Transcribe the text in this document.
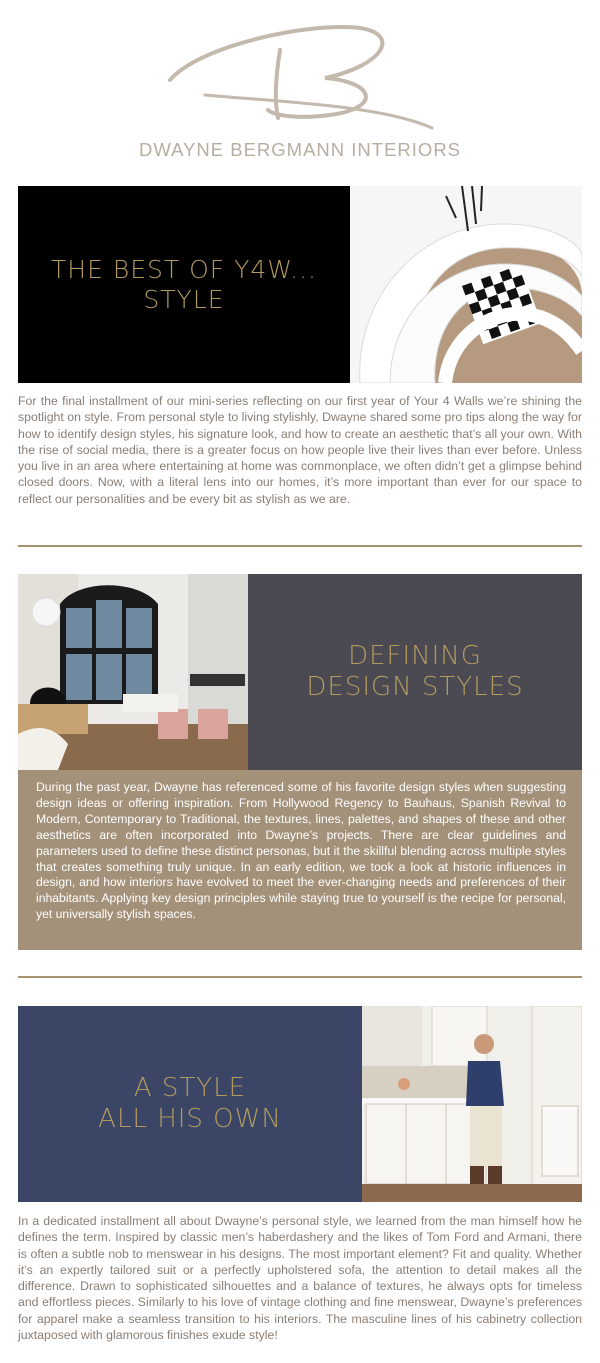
DWAYNE BERGMANN INTERIORS
THE BEST OF Y4W...
STYLE
For the final installment of our mini-series reflecting on our first year of Your 4 Walls we’re shining the spotlight on style. From personal style to living stylishly, Dwayne shared some pro tips along the way for how to identify design styles, his signature look, and how to create an aesthetic that’s all your own. With the rise of social media, there is a greater focus on how people live their lives than ever before. Unless you live in an area where entertaining at home was commonplace, we often didn’t get a glimpse behind closed doors. Now, with a literal lens into our homes, it’s more important than ever for our space to reflect our personalities and be every bit as stylish as we are.
DEFINING
DESIGN STYLES
During the past year, Dwayne has referenced some of his favorite design styles when suggesting design ideas or offering inspiration. From Hollywood Regency to Bauhaus, Spanish Revival to Modern, Contemporary to Traditional, the textures, lines, palettes, and shapes of these and other aesthetics are often incorporated into Dwayne’s projects. There are clear guidelines and parameters used to define these distinct personas, but it the skillful blending across multiple styles that creates something truly unique. In an early edition, we took a look at historic influences in design, and how interiors have evolved to meet the ever-changing needs and preferences of their inhabitants. Applying key design principles while staying true to yourself is the recipe for personal, yet universally stylish spaces.
A STYLE
ALL HIS OWN
In a dedicated installment all about Dwayne’s personal style, we learned from the man himself how he defines the term. Inspired by classic men’s haberdashery and the likes of Tom Ford and Armani, there is often a subtle nob to menswear in his designs. The most important element? Fit and quality. Whether it’s an expertly tailored suit or a perfectly upholstered sofa, the attention to detail makes all the difference. Drawn to sophisticated silhouettes and a balance of textures, he always opts for timeless and effortless pieces. Similarly to his love of vintage clothing and fine menswear, Dwayne’s preferences for apparel make a seamless transition to his interiors. The masculine lines of his cabinetry collection juxtaposed with glamorous finishes exude style!
